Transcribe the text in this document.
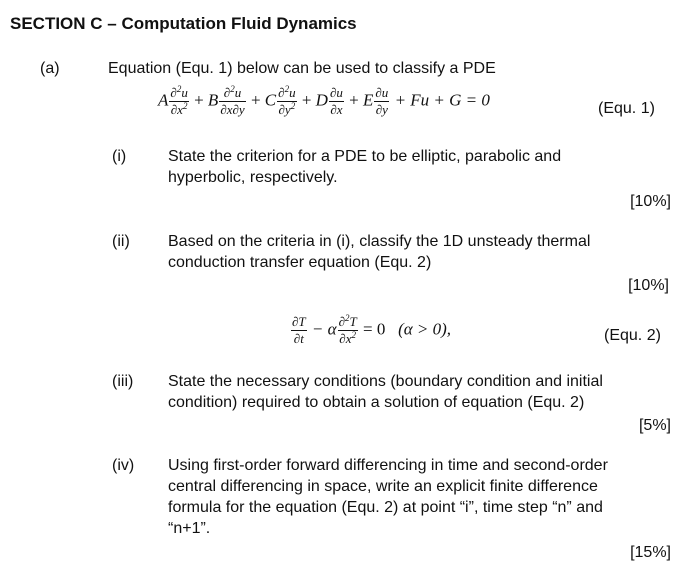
SECTION C – Computation Fluid Dynamics
(a)	Equation (Equ. 1) below can be used to classify a PDE
A $\frac{\partial^2u}{\partial x^2} + B \frac{\partial^2u}{\partial x\partial y} + C \frac{\partial^2u}{\partial y^2} + D \frac{\partial u}{\partial x} + E \frac{\partial u}{\partial y} + Fu + G = 0$	(Equ. 1)
(i)	State the criterion for a PDE to be elliptic, parabolic and
hyperbolic, respectively.
[10%]
(ii) Based on the criteria in (i), classify the 1D unsteady thermal
conduction transfer equation (Equ. 2)
[10%]
$\frac{\partial T}{\partial t} - \alpha \frac{\partial^2T}{\partial x^2} = 0$ (α > 0),	(Equ. 2)
(iii) State the necessary conditions (boundary condition and initial
condition) required to obtain a solution of equation (Equ. 2)
[5%]
(iv) Using first-order forward differencing in time and second-order
central differencing in space, write an explicit finite difference
formula for the equation (Equ. 2) at point “i”, time step “n” and
“n+1”.
[15%]
